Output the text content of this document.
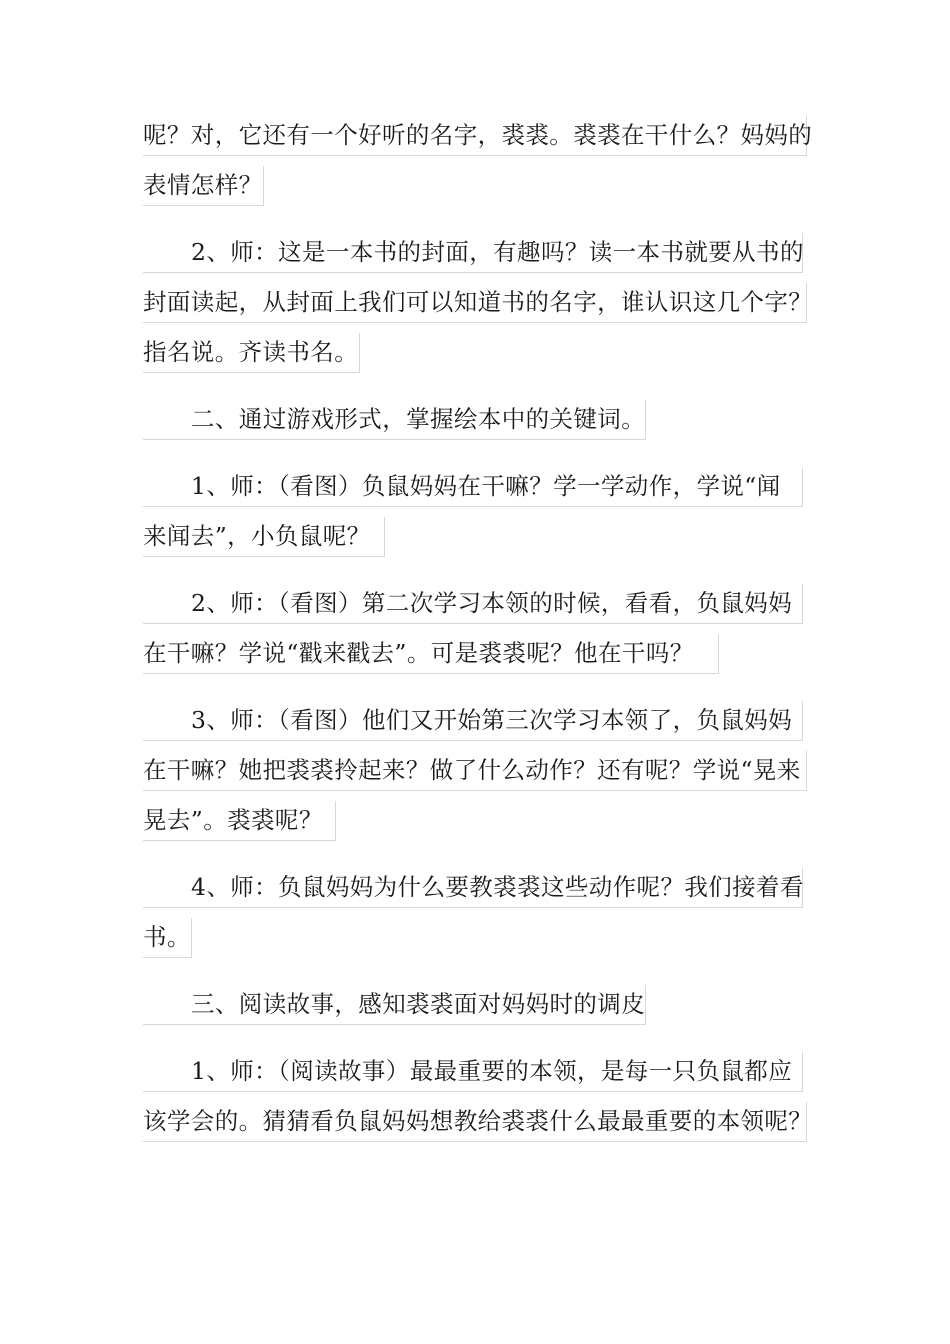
呢？对，它还有一个好听的名字，裘裘。裘裘在干什么？妈妈的
表情怎样？
2、师：这是一本书的封面，有趣吗？读一本书就要从书的
封面读起，从封面上我们可以知道书的名字，谁认识这几个字？
指名说。齐读书名。
二、通过游戏形式，掌握绘本中的关键词。
1、师：（看图）负鼠妈妈在干嘛？学一学动作，学说“闻
来闻去”，小负鼠呢？
2、师：（看图）第二次学习本领的时候，看看，负鼠妈妈
在干嘛？学说“戳来戳去”。可是裘裘呢？他在干吗？
3、师：（看图）他们又开始第三次学习本领了，负鼠妈妈
在干嘛？她把裘裘拎起来？做了什么动作？还有呢？学说“晃来
晃去”。裘裘呢？
4、师：负鼠妈妈为什么要教裘裘这些动作呢？我们接着看
书。
三、阅读故事，感知裘裘面对妈妈时的调皮
1、师：（阅读故事）最最重要的本领，是每一只负鼠都应
该学会的。猜猜看负鼠妈妈想教给裘裘什么最最重要的本领呢？
